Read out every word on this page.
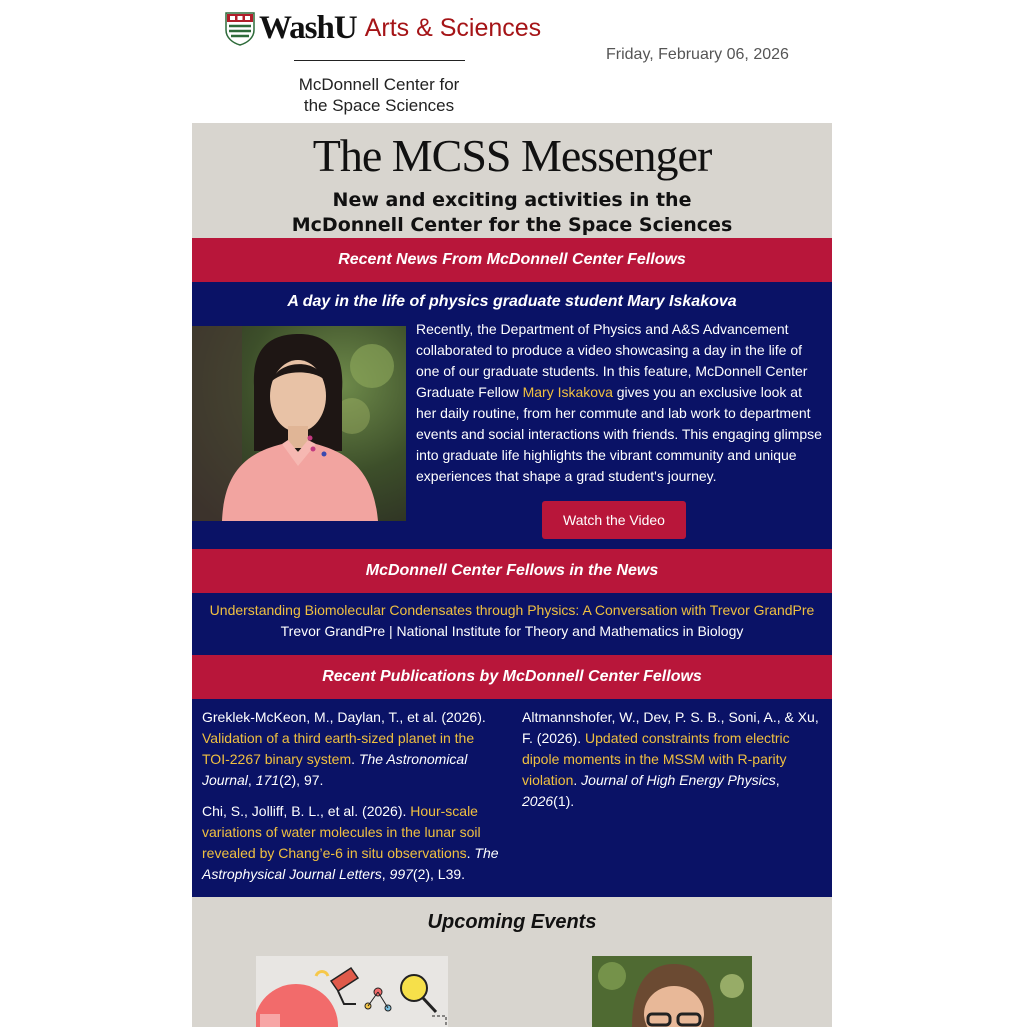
WashU Arts & Sciences
McDonnell Center for
the Space Sciences
Friday, February 06, 2026
The MCSS Messenger
New and exciting activities in the
McDonnell Center for the Space Sciences
Recent News From McDonnell Center Fellows
A day in the life of physics graduate student Mary Iskakova
Recently, the Department of Physics and A&S Advancement collaborated to produce a video showcasing a day in the life of one of our graduate students. In this feature, McDonnell Center Graduate Fellow Mary Iskakova gives you an exclusive look at her daily routine, from her commute and lab work to department events and social interactions with friends. This engaging glimpse into graduate life highlights the vibrant community and unique experiences that shape a grad student's journey.
Watch the Video
McDonnell Center Fellows in the News
Understanding Biomolecular Condensates through Physics: A Conversation with Trevor GrandPre
Trevor GrandPre | National Institute for Theory and Mathematics in Biology
Recent Publications by McDonnell Center Fellows
Greklek-McKeon, M., Daylan, T., et al. (2026). Validation of a third earth-sized planet in the TOI-2267 binary system. The Astronomical Journal, 171(2), 97.
Chi, S., Jolliff, B. L., et al. (2026). Hour-scale variations of water molecules in the lunar soil revealed by Chang’e-6 in situ observations. The Astrophysical Journal Letters, 997(2), L39.
Altmannshofer, W., Dev, P. S. B., Soni, A., & Xu, F. (2026). Updated constraints from electric dipole moments in the MSSM with R-parity violation. Journal of High Energy Physics, 2026(1).
Upcoming Events
